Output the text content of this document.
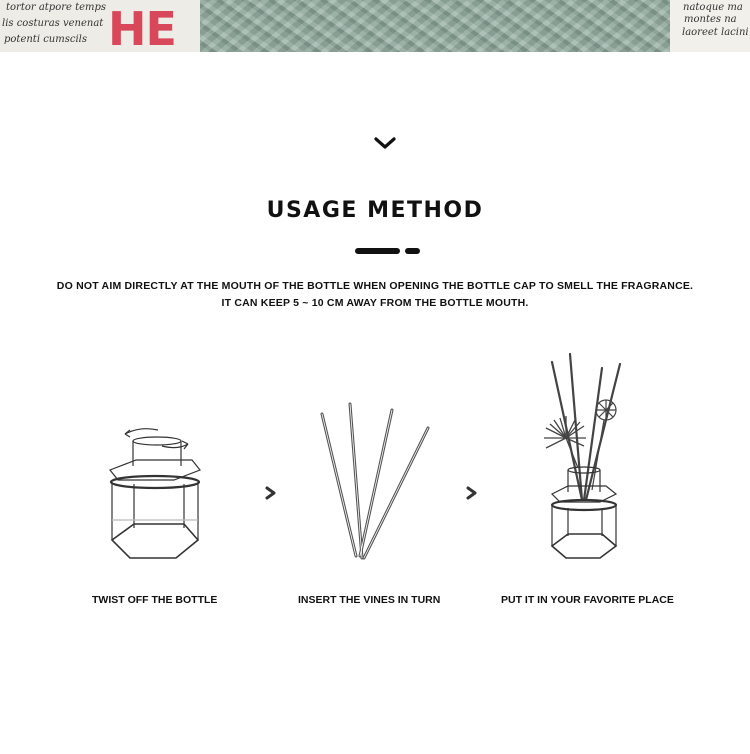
tortor atpore temps
lis costuras venenat
potenti cumscils HE	natoque ma
montes na
laoreet lacini
USAGE METHOD
DO NOT AIM DIRECTLY AT THE MOUTH OF THE BOTTLE WHEN OPENING THE BOTTLE CAP TO SMELL THE FRAGRANCE.
IT CAN KEEP 5 ~ 10 CM AWAY FROM THE BOTTLE MOUTH.
TWIST OFF THE BOTTLE	INSERT THE VINES IN TURN	PUT IT IN YOUR FAVORITE PLACE
